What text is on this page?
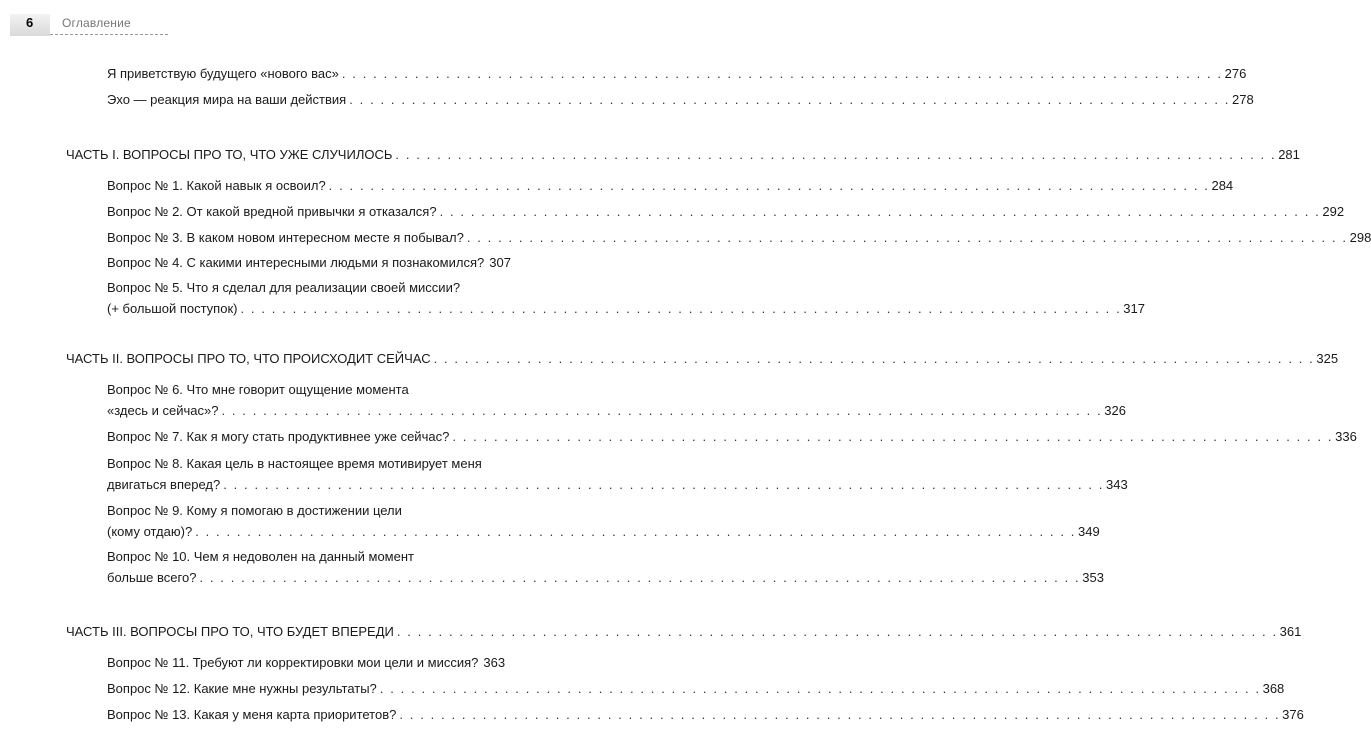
6 Оглавление
Я приветствую будущего «нового вас» . . .	276
Эхо — реакция мира на ваши действия . . .	278
ЧАСТЬ I. ВОПРОСЫ ПРО ТО, ЧТО УЖЕ СЛУЧИЛОСЬ . . .	281
Вопрос № 1. Какой навык я освоил? . . .	284
Вопрос № 2. От какой вредной привычки я отказался? . . .	292
Вопрос № 3. В каком новом интересном месте я побывал? . . .	298
Вопрос № 4. С какими интересными людьми я познакомился? 307
Вопрос № 5. Что я сделал для реализации своей миссии?
(+ большой поступок) . . .	317
ЧАСТЬ II. ВОПРОСЫ ПРО ТО, ЧТО ПРОИСХОДИТ СЕЙЧАС . . .	325
Вопрос № 6. Что мне говорит ощущение момента
«здесь и сейчас»? . . .	326
Вопрос № 7. Как я могу стать продуктивнее уже сейчас? . . .	336
Вопрос № 8. Какая цель в настоящее время мотивирует меня
двигаться вперед? . . .	343
Вопрос № 9. Кому я помогаю в достижении цели
(кому отдаю)? . . .	349
Вопрос № 10. Чем я недоволен на данный момент
больше всего? . . .	353
ЧАСТЬ III. ВОПРОСЫ ПРО ТО, ЧТО БУДЕТ ВПЕРЕДИ . . .	361
Вопрос № 11. Требуют ли корректировки мои цели и миссия? 363
Вопрос № 12. Какие мне нужны результаты? . . .	368
Вопрос № 13. Какая у меня карта приоритетов? . . .	376
